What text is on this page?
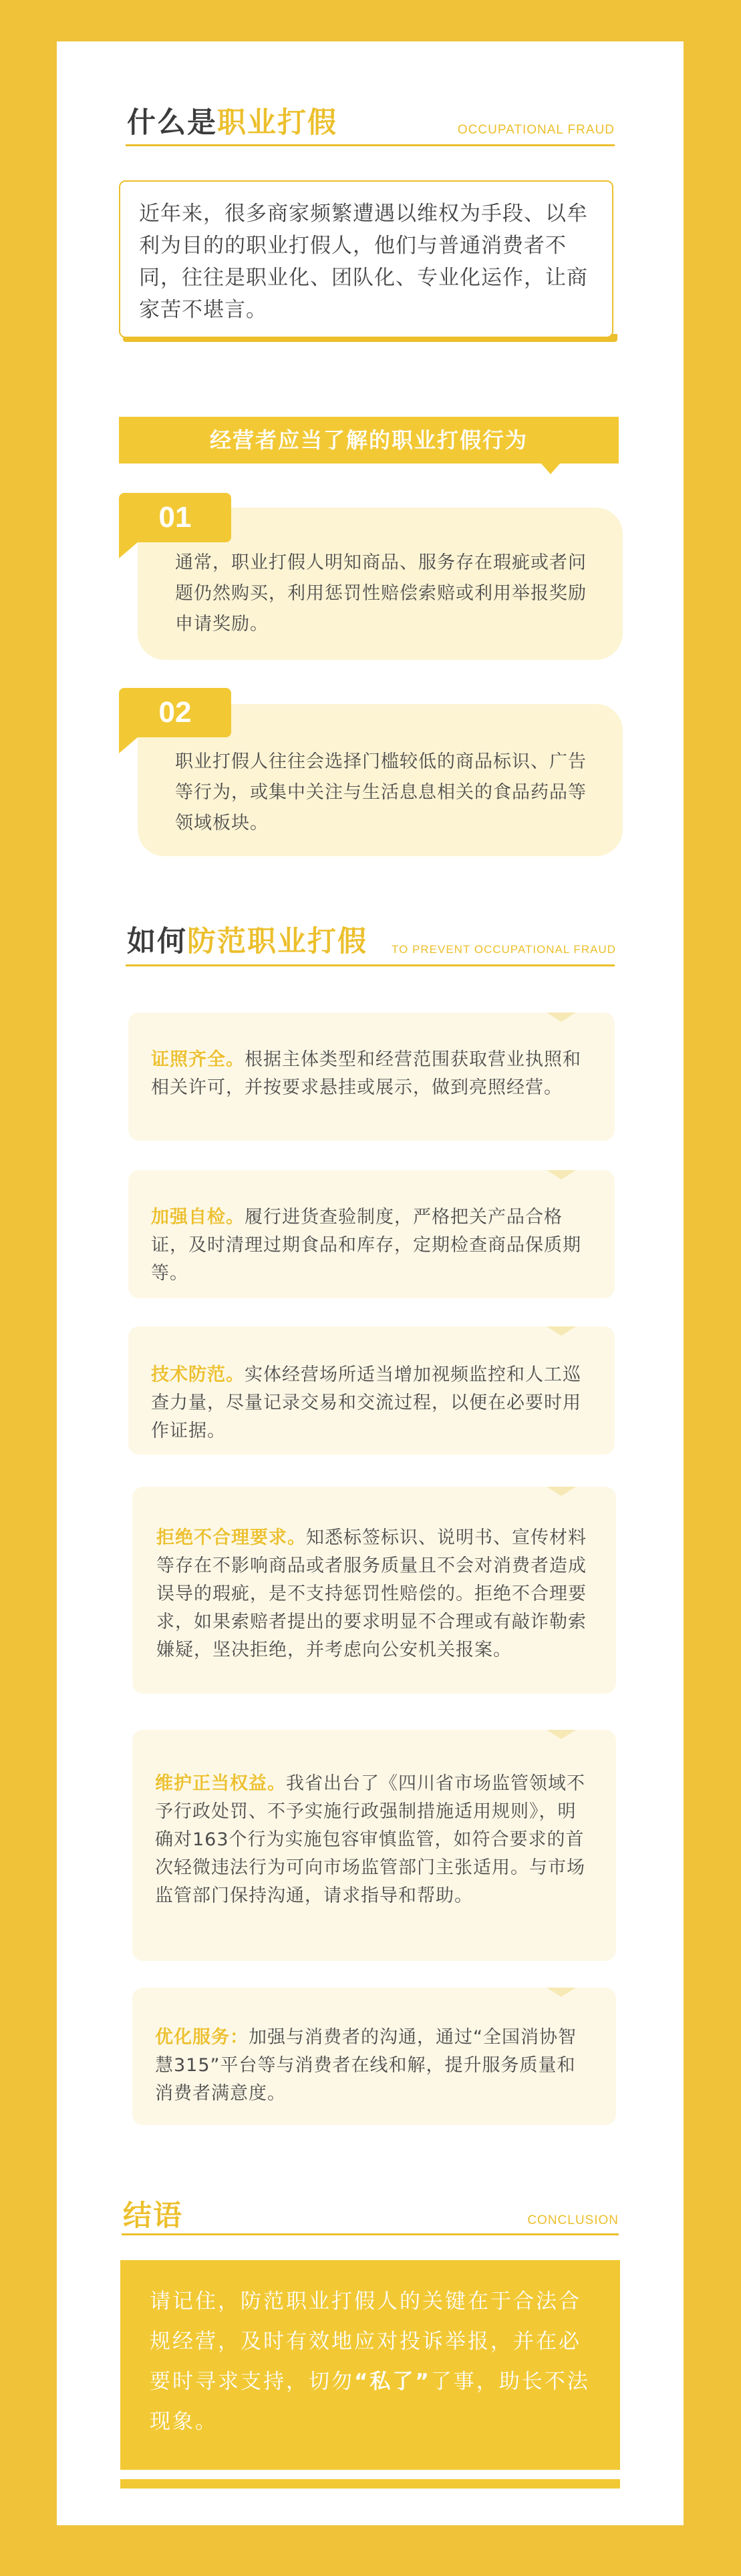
什么是职业打假	OCCUPATIONAL FRAUD
近年来，很多商家频繁遭遇以维权为手段、以牟利为目的的职业打假人，他们与普通消费者不同，往往是职业化、团队化、专业化运作，让商家苦不堪言。
经营者应当了解的职业打假行为
通常，职业打假人明知商品、服务存在瑕疵或者问题仍然购买，利用惩罚性赔偿索赔或利用举报奖励申请奖励。
01
职业打假人往往会选择门槛较低的商品标识、广告等行为，或集中关注与生活息息相关的食品药品等领域板块。
02
如何防范职业打假	TO PREVENT OCCUPATIONAL FRAUD
证照齐全。根据主体类型和经营范围获取营业执照和相关许可，并按要求悬挂或展示，做到亮照经营。
加强自检。履行进货查验制度，严格把关产品合格证，及时清理过期食品和库存，定期检查商品保质期等。
技术防范。实体经营场所适当增加视频监控和人工巡查力量，尽量记录交易和交流过程，以便在必要时用作证据。
拒绝不合理要求。知悉标签标识、说明书、宣传材料等存在不影响商品或者服务质量且不会对消费者造成误导的瑕疵，是不支持惩罚性赔偿的。拒绝不合理要求，如果索赔者提出的要求明显不合理或有敲诈勒索嫌疑，坚决拒绝，并考虑向公安机关报案。
维护正当权益。我省出台了《四川省市场监管领域不予行政处罚、不予实施行政强制措施适用规则》，明确对163个行为实施包容审慎监管，如符合要求的首次轻微违法行为可向市场监管部门主张适用。与市场监管部门保持沟通，请求指导和帮助。
优化服务：加强与消费者的沟通，通过“全国消协智慧315”平台等与消费者在线和解，提升服务质量和消费者满意度。
结语	CONCLUSION
请记住，防范职业打假人的关键在于合法合规经营，及时有效地应对投诉举报，并在必要时寻求支持，切勿“私了”了事，助长不法现象。
